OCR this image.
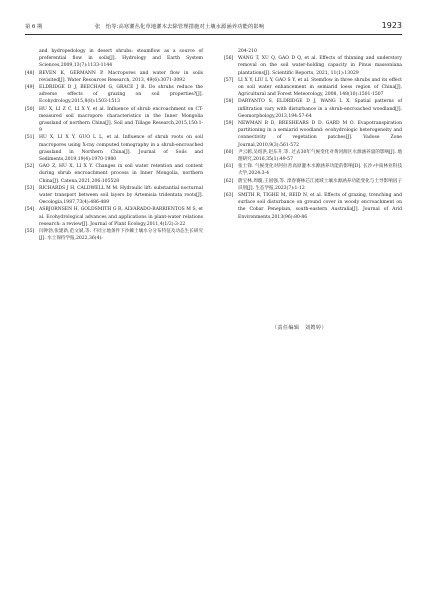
第 6 期	张　怡等:高寒灌丛化草地灌木去除管理措施对土壤水源涵养功能的影响	1923
and hydropedology in desert shrubs: steamflow as a source of preferential flow in soils[J]. Hydrology and Earth System Sciences,2009,13(7):1133-1144
[48] BEVEN K, GERMANN P. Macropores and water flow in soils revisited[J]. Water Resources Research, 2013, 49(6):3071-3092
[49] ELDRIDGE D J, BEECHAM G, GRACE J B. Do shrubs reduce the adverse effects of grazing on soil properties?[J]. Ecohydrology,2015,8(8):1503-1513
[50] HU X, LI Z C, LI X Y, et al. Influence of shrub encroachment on CT-measured soil macropore characteristics in the Inner Mongolia grassland of northern China[J]. Soil and Tillage Research,2015,150:1-9
[51] HU X, LI X Y, GUO L L, et al. Influence of shrub roots on soil macropores using X-ray computed tomography in a shrub-encroached grassland in Northern China[J]. Journal of Soils and Sediments,2019,19(4):1970-1980
[52] GAO Z, HU X, LI X Y. Changes in soil water retention and content during shrub encroachment process in Inner Mongolia, northern China[J]. Catena,2021,206:105528
[53] RICHARDS J H, CALDWELL M M. Hydraulic lift: substantial nocturnal water transport between soil layers by Artemisia tridentata roots[J]. Oecologia,1987,73(4):486-489
[54] ASBJORNSEN H, GOLDSMITH G R, ALVARADO-BARRIENTOS M S, et al. Ecohydrological advances and applications in plant-water relations research: a review[J]. Journal of Plant Ecology,2011,4(1/2):3-22
[55] 闫钟勃,张建新,范文斌,等. 不同立地条件下沙棘土壤水分分布特征及动态生长研究[J]. 水土保持学报,2022,36(4):
204-210
[56] WANG T, XU Q, GAO D Q, et al. Effects of thinning and understory removal on the soil water-holding capacity in Pinus massoniana plantations[J]. Scientific Reports, 2021, 11(1):13029
[57] LI X Y, LIU L Y, GAO S Y, et al. Stemflow in three shrubs and its effect on soil water enhancement in semiarid loess region of China[J]. Agricultural and Forest Meteorology, 2008, 148(10):1501-1507
[58] DARYANTO S, ELDRIDGE D J, WANG L X. Spatial patterns of infiltration vary with disturbance in a shrub-encroached woodland[J]. Geomorphology,2013,194:57-64
[59] NEWMAN B D, BRESHEARS D D, GARD M O. Evapotranspiration partitioning in a semiarid woodland: ecohydrologic heterogeneity and connectivity of vegetation patches[J]. Vadose Zone Journal,2010,9(3):561-572
[60] 尹云鹤,吴绍洪,赵东升,等. 过去30年气候变化对黄河源区水源涵养量的影响[J]. 地理研究,2016,35(1):49-57
[61] 张士锋. 气候变化对阿拉善高原灌木水源涵养功能的影响[D]. 长沙:中南林业科技大学,2024:3-4
[62] 蔚宝林,周璇,王国强,等. 滦春赛林芯江流域土壤水源涵养功能变化与土导影响因子识别[J]. 生态学报,2023(7):1-12
[63] SMITH R, TIGHE M, REID N, et al. Effects of grazing, trenching and surface soil disturbance on ground cover in woody encroachment on the Cobar Peneplain, south-eastern Australia[J]. Journal of Arid Environments,2013(96):80-86
（责任编辑　刘娉婷）
